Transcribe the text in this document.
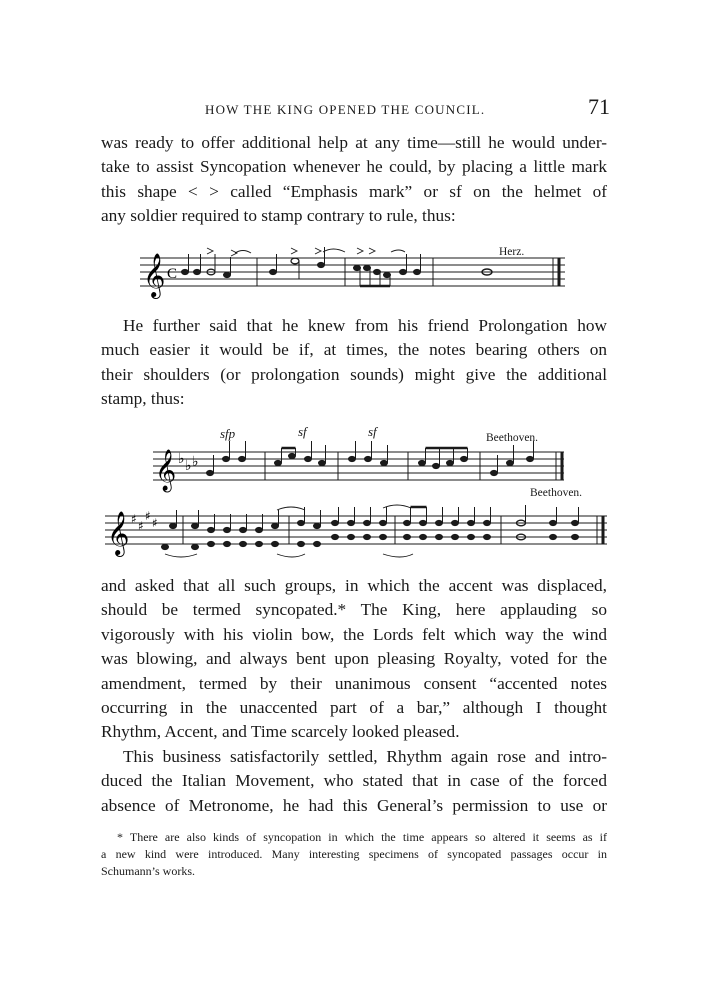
HOW THE KING OPENED THE COUNCIL.	71

was ready to offer additional help at any time—still he would under-
take to assist Syncopation whenever he could, by placing a little mark
this shape < > called “Emphasis mark” or sf on the helmet of
any soldier required to stamp contrary to rule, thus:

𝄞 C
Herz.

He further said that he knew from his friend Prolongation how
much easier it would be if, at times, the notes bearing others on
their shoulders (or prolongation sounds) might give the additional
stamp, thus:

sfp	sf	sf	Beethoven.
𝄞 ♭ ♭ ♭
Beethoven.
𝄞 ♯ ♯
♯ ♯

and asked that all such groups, in which the accent was displaced,
should be termed syncopated.* The King, here applauding so
vigorously with his violin bow, the Lords felt which way the wind
was blowing, and always bent upon pleasing Royalty, voted for the
amendment, termed by their unanimous consent “accented notes
occurring in the unaccented part of a bar,” although I thought
Rhythm, Accent, and Time scarcely looked pleased.

This business satisfactorily settled, Rhythm again rose and intro-
duced the Italian Movement, who stated that in case of the forced
absence of Metronome, he had this General’s permission to use or

* There are also kinds of syncopation in which the time appears so altered it seems as if
a new kind were introduced. Many interesting specimens of syncopated passages occur in
Schumann’s works.
